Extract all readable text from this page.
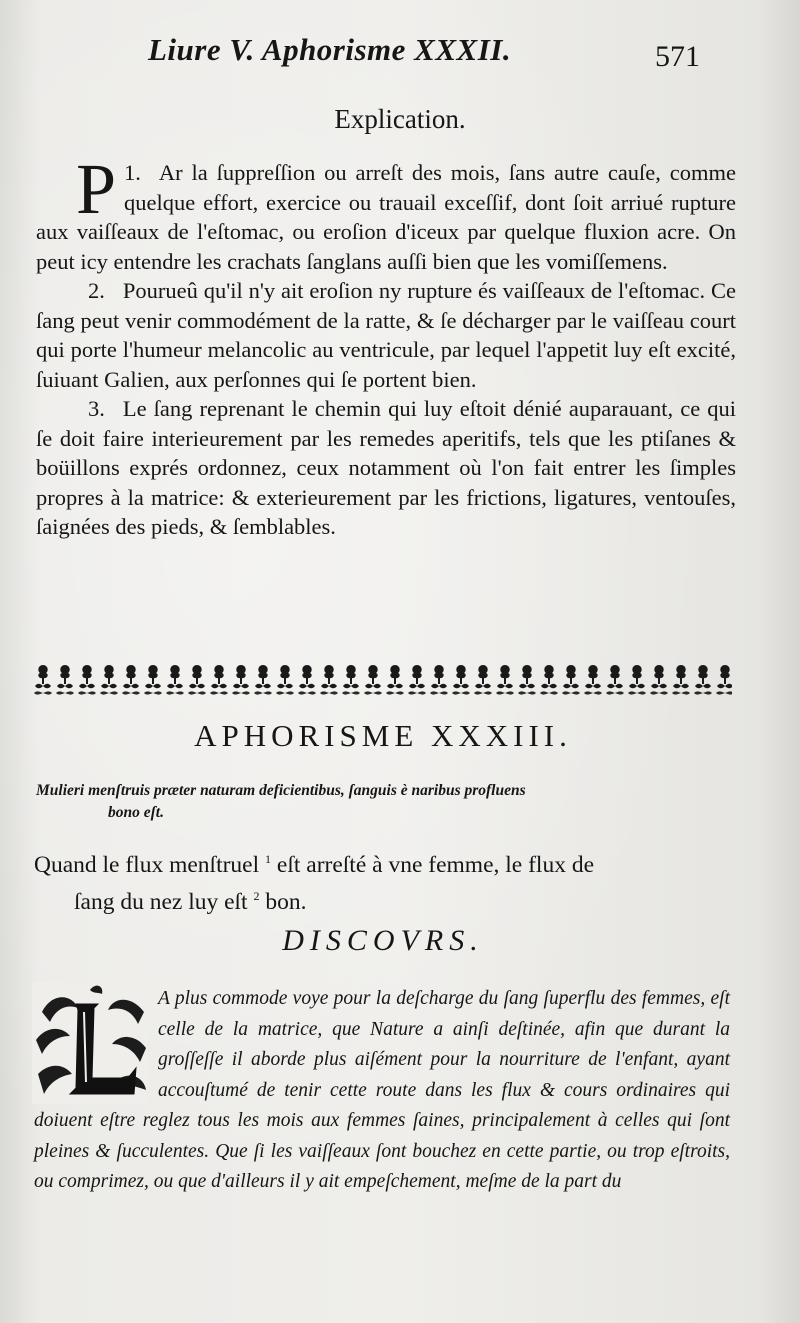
Liure V. Aphorisme XXXII.	571
Explication.

1.
P Ar la ſuppreſſion ou arreſt des mois, ſans autre cauſe, comme quelque effort, exercice ou trauail exceſſif, dont ſoit arriué rupture aux vaiſſeaux de l'eſtomac, ou eroſion d'iceux par quelque fluxion acre. On peut icy entendre les crachats ſanglans auſſi bien que les vomiſſemens.

2. Pourueû qu'il n'y ait eroſion ny rupture és vaiſſeaux de l'eſtomac. Ce ſang peut venir commodément de la ratte, & ſe décharger par le vaiſſeau court qui porte l'humeur melancolic au ventricule, par lequel l'appetit luy eſt excité, ſuiuant Galien, aux perſonnes qui ſe portent bien.

3. Le ſang reprenant le chemin qui luy eſtoit dénié auparauant, ce qui ſe doit faire interieurement par les remedes aperitifs, tels que les ptiſanes & boüillons exprés ordonnez, ceux notamment où l'on fait entrer les ſimples propres à la matrice: & exterieurement par les frictions, ligatures, ventouſes, ſaignées des pieds, & ſemblables.

APHORISME XXXIII.
Mulieri menſtruis præter naturam deficientibus, ſanguis è naribus profluens
bono eſt.
Quand le flux menſtruel $^1$ eſt arreſté à vne femme, le flux de
ſang du nez luy eſt $^2$ bon.
DISCOVRS.
A plus commode voye pour la deſcharge du ſang ſuperflu des femmes, eſt celle de la matrice, que Nature a ainſi deſtinée, afin que durant la groſſeſſe il aborde plus aiſément pour la nourriture de l'enfant, ayant accouſtumé de tenir cette route dans les flux & cours ordinaires qui doiuent eſtre reglez tous les mois aux femmes ſaines, principalement à celles qui ſont pleines & ſucculentes. Que ſi les vaiſſeaux ſont bouchez en cette partie, ou trop eſtroits, ou comprimez, ou que d'ailleurs il y ait empeſchement, meſme de la part du
